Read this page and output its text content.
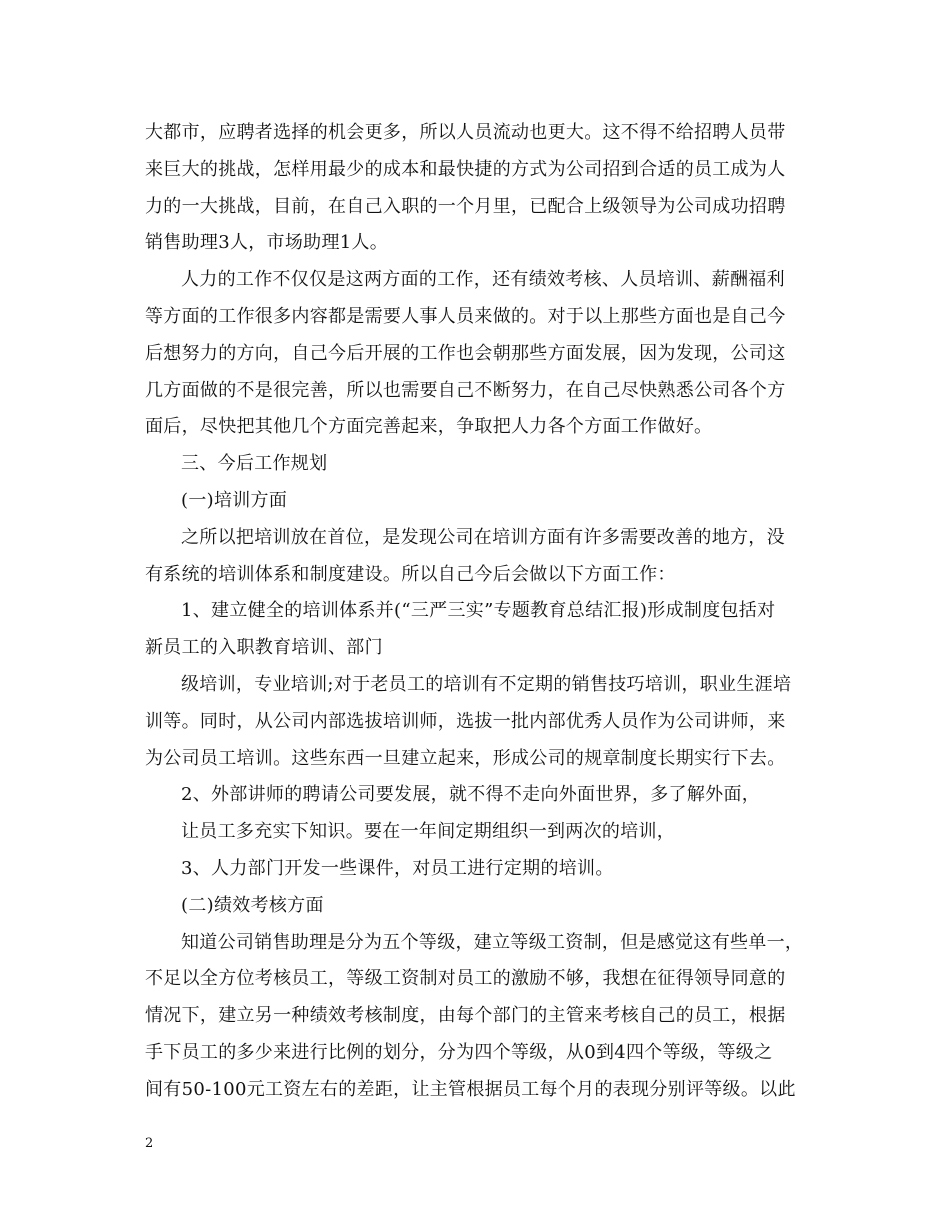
大都市，应聘者选择的机会更多，所以人员流动也更大。这不得不给招聘人员带
来巨大的挑战，怎样用最少的成本和最快捷的方式为公司招到合适的员工成为人
力的一大挑战，目前，在自己入职的一个月里，已配合上级领导为公司成功招聘
销售助理3人，市场助理1人。
人力的工作不仅仅是这两方面的工作，还有绩效考核、人员培训、薪酬福利
等方面的工作很多内容都是需要人事人员来做的。对于以上那些方面也是自己今
后想努力的方向，自己今后开展的工作也会朝那些方面发展，因为发现，公司这
几方面做的不是很完善，所以也需要自己不断努力，在自己尽快熟悉公司各个方
面后，尽快把其他几个方面完善起来，争取把人力各个方面工作做好。
三、今后工作规划
(一)培训方面
之所以把培训放在首位，是发现公司在培训方面有许多需要改善的地方，没
有系统的培训体系和制度建设。所以自己今后会做以下方面工作：
1、建立健全的培训体系并(“三严三实”专题教育总结汇报)形成制度包括对
新员工的入职教育培训、部门
级培训，专业培训;对于老员工的培训有不定期的销售技巧培训，职业生涯培
训等。同时，从公司内部选拔培训师，选拔一批内部优秀人员作为公司讲师，来
为公司员工培训。这些东西一旦建立起来，形成公司的规章制度长期实行下去。
2、外部讲师的聘请公司要发展，就不得不走向外面世界，多了解外面，
让员工多充实下知识。要在一年间定期组织一到两次的培训，
3、人力部门开发一些课件，对员工进行定期的培训。
(二)绩效考核方面
知道公司销售助理是分为五个等级，建立等级工资制，但是感觉这有些单一，
不足以全方位考核员工，等级工资制对员工的激励不够，我想在征得领导同意的
情况下，建立另一种绩效考核制度，由每个部门的主管来考核自己的员工，根据
手下员工的多少来进行比例的划分，分为四个等级，从0到4四个等级，等级之
间有50-100元工资左右的差距，让主管根据员工每个月的表现分别评等级。以此
2
